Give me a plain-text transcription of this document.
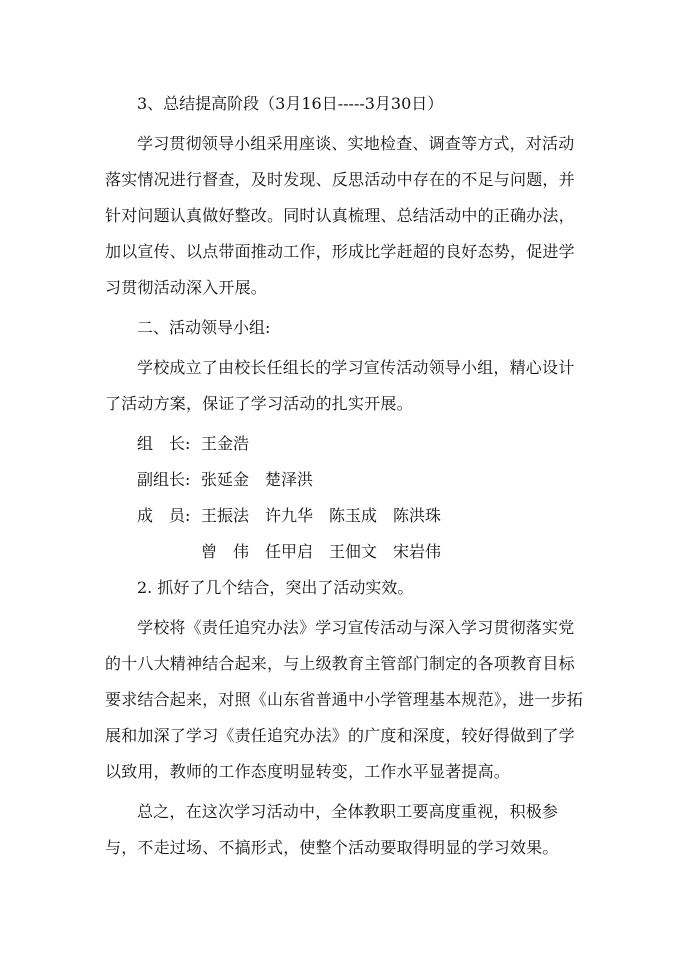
3、总结提高阶段（3月16日-----3月30日）

学习贯彻领导小组采用座谈、实地检查、调查等方式，对活动落实情况进行督查，及时发现、反思活动中存在的不足与问题，并针对问题认真做好整改。同时认真梳理、总结活动中的正确办法，加以宣传、以点带面推动工作，形成比学赶超的良好态势，促进学习贯彻活动深入开展。

二、活动领导小组:

学校成立了由校长任组长的学习宣传活动领导小组，精心设计了活动方案，保证了学习活动的扎实开展。

组　长: 王金浩

副组长: 张延金　楚泽洪

成　员: 王振法　许九华　陈玉成　陈洪珠

曾　伟　任甲启　王佃文　宋岩伟

2. 抓好了几个结合，突出了活动实效。

学校将《责任追究办法》学习宣传活动与深入学习贯彻落实党的十八大精神结合起来，与上级教育主管部门制定的各项教育目标要求结合起来，对照《山东省普通中小学管理基本规范》，进一步拓展和加深了学习《责任追究办法》的广度和深度，较好得做到了学以致用，教师的工作态度明显转变，工作水平显著提高。

总之，在这次学习活动中，全体教职工要高度重视，积极参与，不走过场、不搞形式，使整个活动要取得明显的学习效果。
